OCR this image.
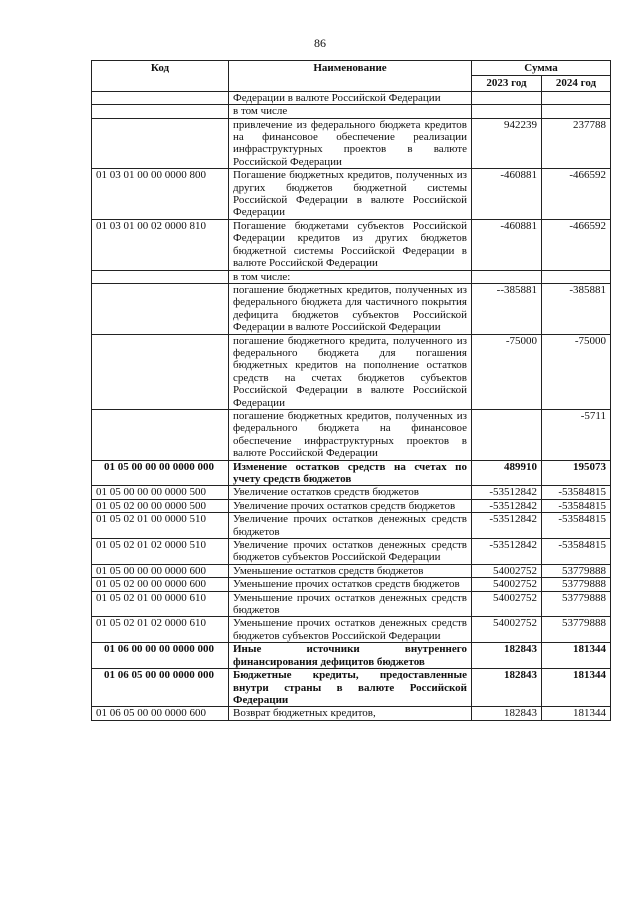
86
Код	Наименование	Сумма	
		2023 год	2024 год
	Федерации в валюте Российской Федерации		
	в том числе		
	привлечение из федерального бюджета кредитов на финансовое обеспечение реализации инфраструктурных проектов в валюте Российской Федерации	942239	237788
01 03 01 00 00 0000 800	Погашение бюджетных кредитов, полученных из других бюджетов бюджетной системы Российской Федерации в валюте Российской Федерации	-460881	-466592
01 03 01 00 02 0000 810	Погашение бюджетами субъектов Российской Федерации кредитов из других бюджетов бюджетной системы Российской Федерации в валюте Российской Федерации	-460881	-466592
	в том числе:		
	погашение бюджетных кредитов, полученных из федерального бюджета для частичного покрытия дефицита бюджетов субъектов Российской Федерации в валюте Российской Федерации	--385881	-385881
	погашение бюджетного кредита, полученного из федерального бюджета для погашения бюджетных кредитов на пополнение остатков средств на счетах бюджетов субъектов Российской Федерации в валюте Российской Федерации	-75000	-75000
	погашение бюджетных кредитов, полученных из федерального бюджета на финансовое обеспечение инфраструктурных проектов в валюте Российской Федерации		-5711
01 05 00 00 00 0000 000	Изменение остатков средств на счетах по учету средств бюджетов	489910	195073
01 05 00 00 00 0000 500	Увеличение остатков средств бюджетов	-53512842	-53584815
01 05 02 00 00 0000 500	Увеличение прочих остатков средств бюджетов	-53512842	-53584815
01 05 02 01 00 0000 510	Увеличение прочих остатков денежных средств бюджетов	-53512842	-53584815
01 05 02 01 02 0000 510	Увеличение прочих остатков денежных средств бюджетов субъектов Российской Федерации	-53512842	-53584815
01 05 00 00 00 0000 600	Уменьшение остатков средств бюджетов	54002752	53779888
01 05 02 00 00 0000 600	Уменьшение прочих остатков средств бюджетов	54002752	53779888
01 05 02 01 00 0000 610	Уменьшение прочих остатков денежных средств бюджетов	54002752	53779888
01 05 02 01 02 0000 610	Уменьшение прочих остатков денежных средств бюджетов субъектов Российской Федерации	54002752	53779888
01 06 00 00 00 0000 000	Иные источники внутреннего финансирования дефицитов бюджетов	182843	181344
01 06 05 00 00 0000 000	Бюджетные кредиты, предоставленные внутри страны в валюте Российской Федерации	182843	181344
01 06 05 00 00 0000 600	Возврат бюджетных кредитов,	182843	181344
